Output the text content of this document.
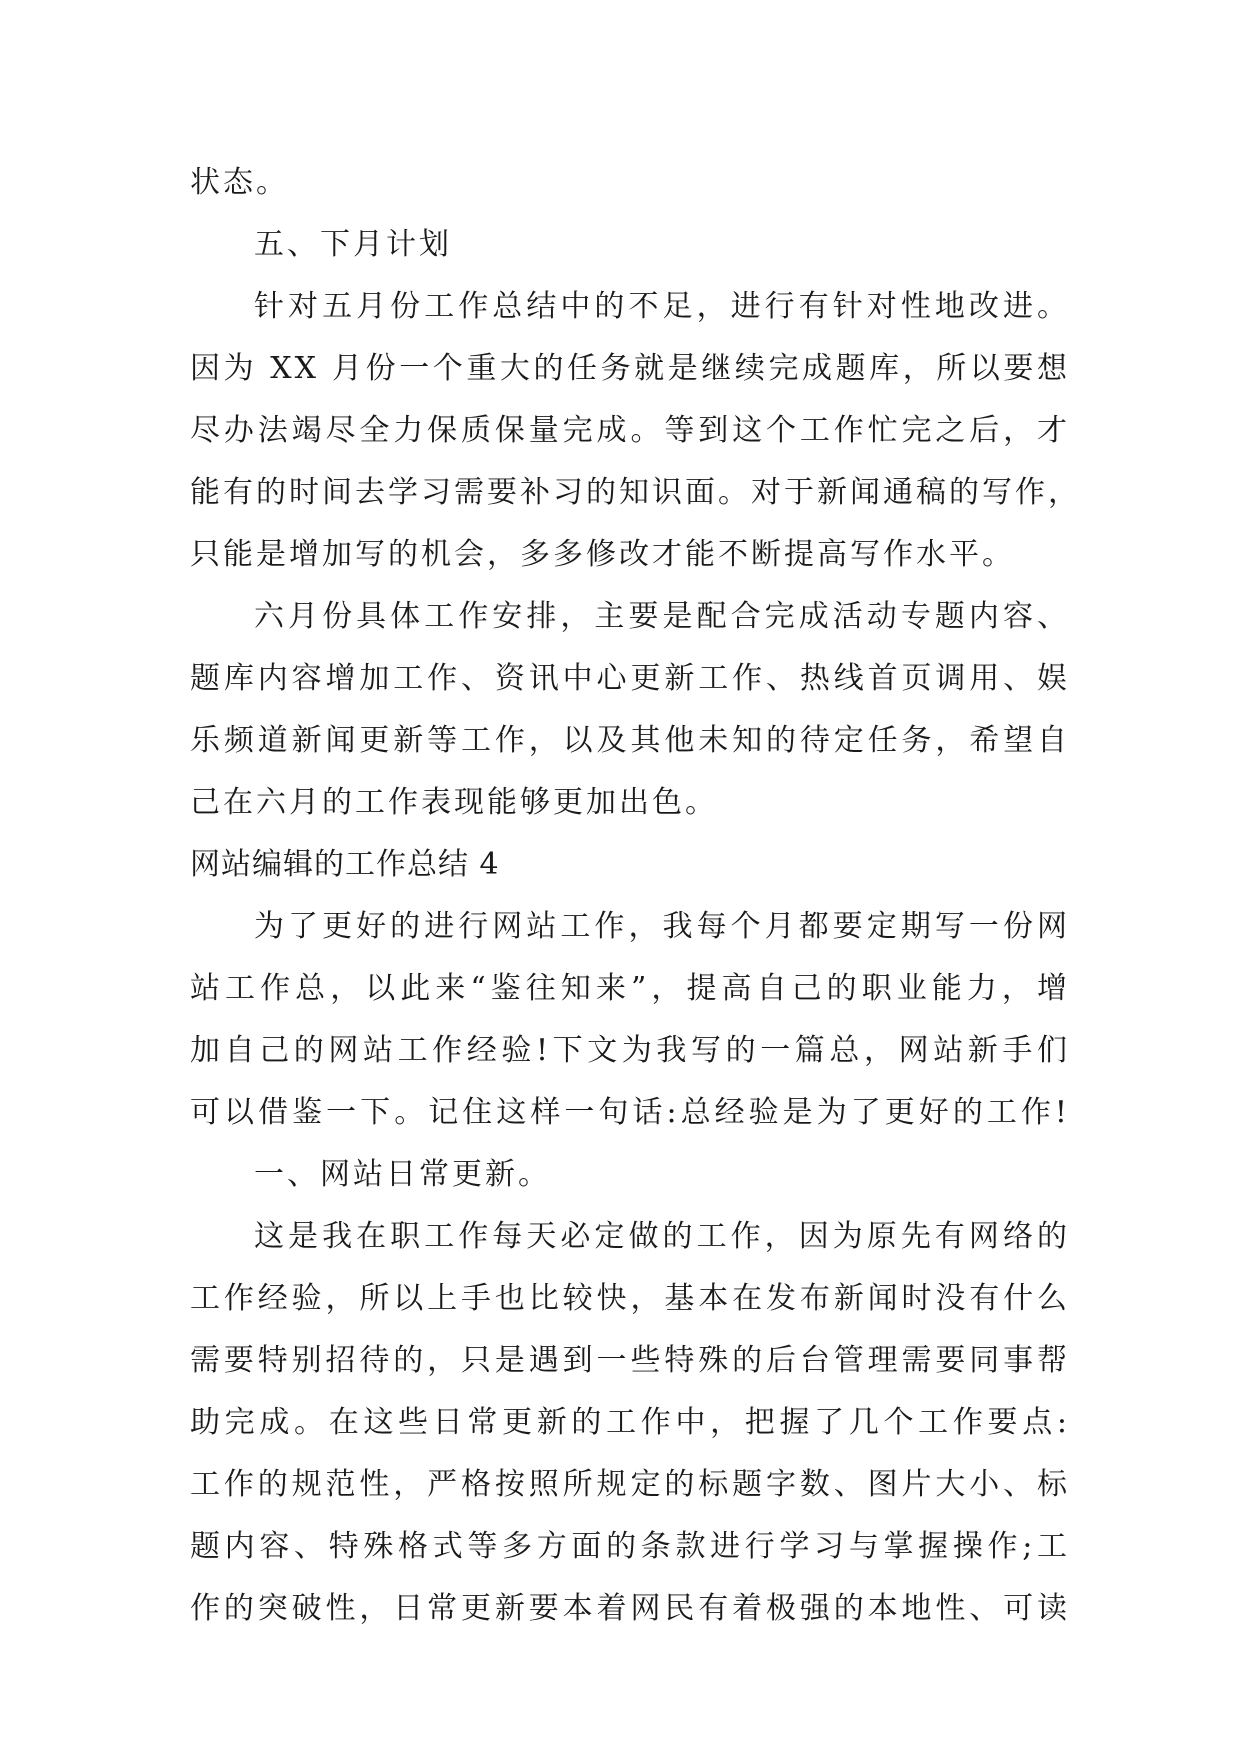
状态。
五、下月计划
针对五月份工作总结中的不足，进行有针对性地改进。
因为 XX 月份一个重大的任务就是继续完成题库，所以要想
尽办法竭尽全力保质保量完成。等到这个工作忙完之后，才
能有的时间去学习需要补习的知识面。对于新闻通稿的写作，
只能是增加写的机会，多多修改才能不断提高写作水平。
六月份具体工作安排，主要是配合完成活动专题内容、
题库内容增加工作、资讯中心更新工作、热线首页调用、娱
乐频道新闻更新等工作，以及其他未知的待定任务，希望自
己在六月的工作表现能够更加出色。
网站编辑的工作总结 4
为了更好的进行网站工作，我每个月都要定期写一份网
站工作总，以此来“鉴往知来”，提高自己的职业能力，增
加自己的网站工作经验!下文为我写的一篇总，网站新手们
可以借鉴一下。记住这样一句话:总经验是为了更好的工作!
一、网站日常更新。
这是我在职工作每天必定做的工作，因为原先有网络的
工作经验，所以上手也比较快，基本在发布新闻时没有什么
需要特别招待的，只是遇到一些特殊的后台管理需要同事帮
助完成。在这些日常更新的工作中，把握了几个工作要点:
工作的规范性，严格按照所规定的标题字数、图片大小、标
题内容、特殊格式等多方面的条款进行学习与掌握操作;工
作的突破性，日常更新要本着网民有着极强的本地性、可读
